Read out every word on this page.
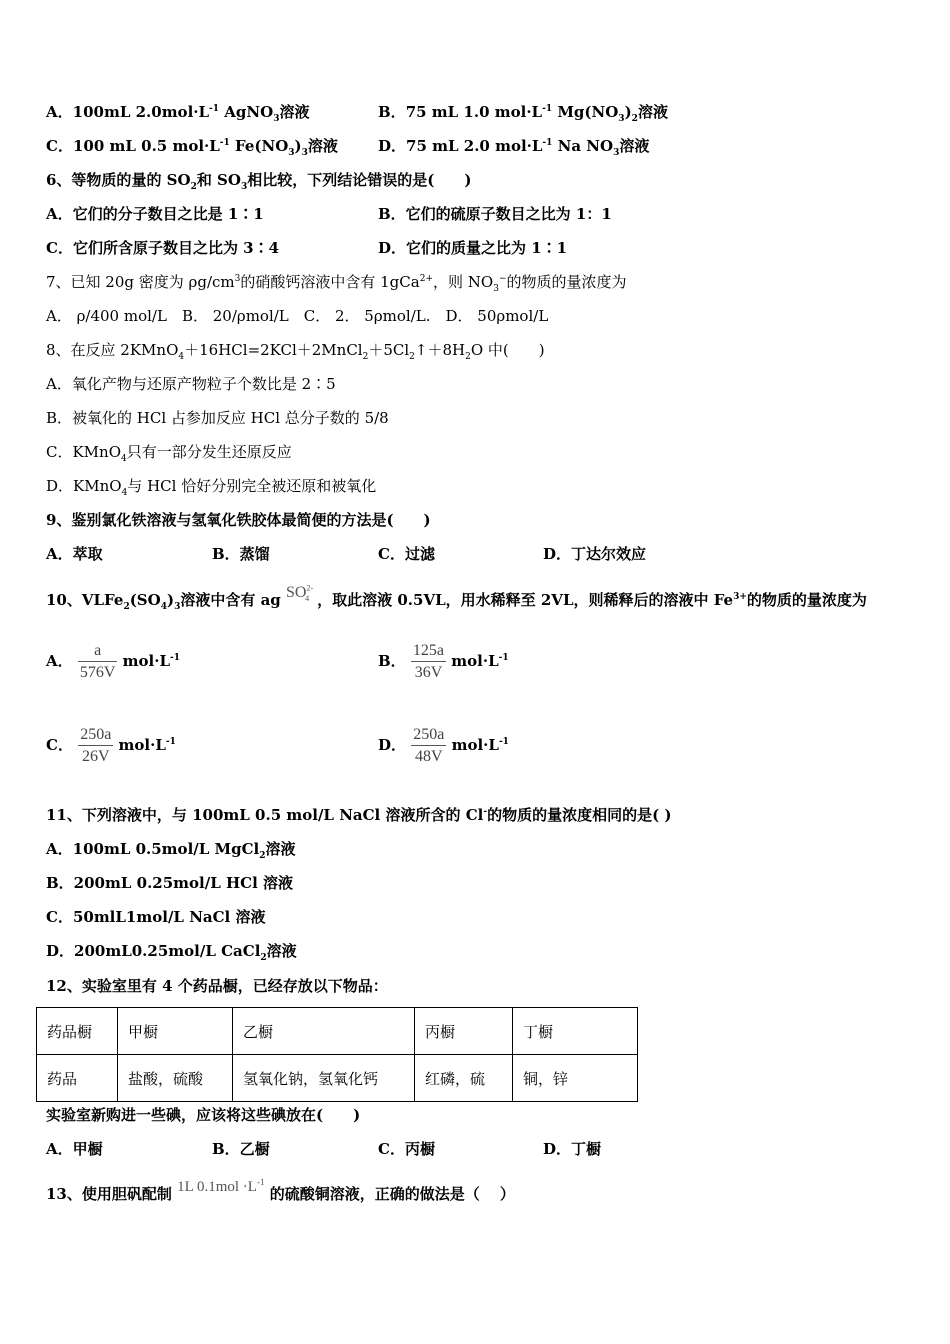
A．100mL $2.0mol\cdot L^{-1}$ AgNO$_3$溶液	B．75 mL 1.0 $mol\cdot L^{-1}$ $Mg(NO_3)_2$溶液
C．100 mL 0.5 $mol\cdot L^{-1}$ $Fe(NO_3)_3$溶液	D．75 mL 2.0 $mol\cdot L^{-1}$ Na $NO_3$溶液
6、等物质的量的 $SO_2$和 $SO_3$相比较，下列结论错误的是(　　)
A．它们的分子数目之比是 1∶1	B．它们的硫原子数目之比为 1：1
C．它们所含原子数目之比为 3∶4	D．它们的质量之比为 1∶1
7、已知 20g 密度为 $\rho g/cm^3$的硝酸钙溶液中含有 1gCa$^{2+}$，则 $NO_3^-$的物质的量浓度为
A． ρ/400 mol/L　B． 20/ρmol/L　C． 2． 5ρmol/L.　D． 50ρmol/L
8、在反应 $2KMnO_4+16HCl=2KCl+2MnCl_2+5Cl_2↑+8H_2O$ 中(　　)
A．氧化产物与还原产物粒子个数比是 2∶5
B．被氧化的 HCl 占参加反应 HCl 总分子数的 5/8
C．KMnO$_4$只有一部分发生还原反应
D．KMnO$_4$与 HCl 恰好分别完全被还原和被氧化
9、鉴别氯化铁溶液与氢氧化铁胶体最简便的方法是(　　)
A．萃取	B．蒸馏	C．过滤	D．丁达尔效应
10、$VLFe_2(SO_4)_3$溶液中含有 ag $SO^{2-}_4$ ，取此溶液 0.5VL，用水稀释至 2VL，则稀释后的溶液中 $Fe^{3+}$的物质的量浓度为
A． $\frac{a}{576V} mol\cdot L^{-1}$	B． $\frac{125a}{36V} mol\cdot L^{-1}$
C． $\frac{250a}{26V} mol\cdot L^{-1}$	D． $\frac{250a}{48V} mol\cdot L^{-1}$
11、下列溶液中，与 100mL 0.5 mol/L NaCl 溶液所含的 Cl-的物质的量浓度相同的是( )
A．100mL 0.5mol/L MgCl$_2$溶液
B．200mL 0.25mol/L HCl 溶液
C．50mlL1mol/L NaCl 溶液
D．200mL0.25mol/L CaCl$_2$溶液
12、实验室里有 4 个药品橱，已经存放以下物品：
药品橱	甲橱	乙橱	丙橱	丁橱
药品	盐酸，硫酸	氢氧化钠，氢氧化钙	红磷，硫	铜，锌
实验室新购进一些碘，应该将这些碘放在(　　)
A．甲橱	B．乙橱	C．丙橱	D．丁橱
13、使用胆矾配制 1L $0.1mol \cdot L^{-1}$ 的硫酸铜溶液，正确的做法是（　 ）
